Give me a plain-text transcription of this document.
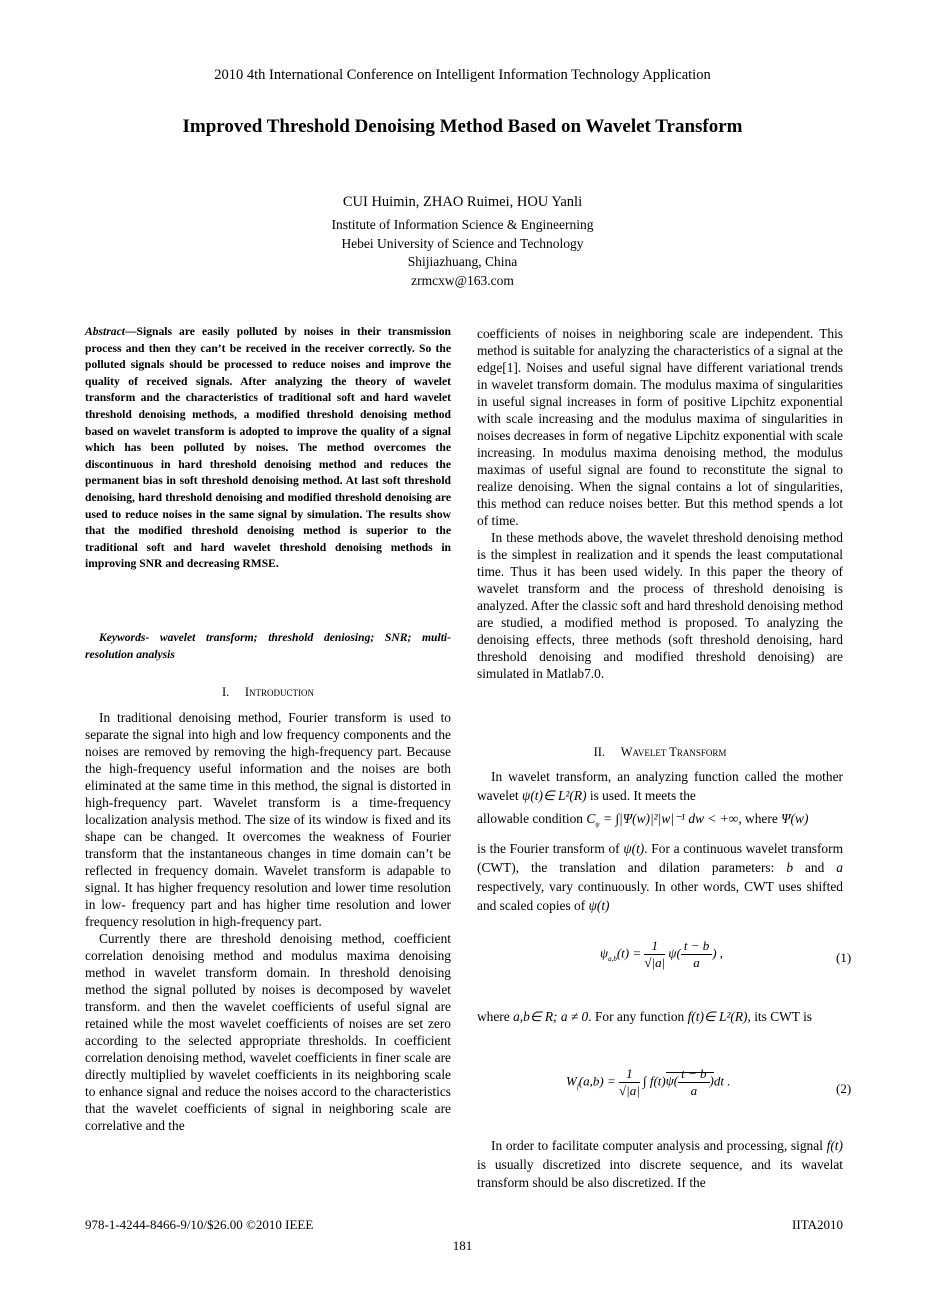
2010 4th International Conference on Intelligent Information Technology Application
Improved Threshold Denoising Method Based on Wavelet Transform
CUI Huimin, ZHAO Ruimei, HOU Yanli
Institute of Information Science & Engineerning
Hebei University of Science and Technology
Shijiazhuang, China
zrmcxw@163.com
Abstract—Signals are easily polluted by noises in their transmission process and then they can’t be received in the receiver correctly. So the polluted signals should be processed to reduce noises and improve the quality of received signals. After analyzing the theory of wavelet transform and the characteristics of traditional soft and hard wavelet threshold denoising methods, a modified threshold denoising method based on wavelet transform is adopted to improve the quality of a signal which has been polluted by noises. The method overcomes the discontinuous in hard threshold denoising method and reduces the permanent bias in soft threshold denoising method. At last soft threshold denoising, hard threshold denoising and modified threshold denoising are used to reduce noises in the same signal by simulation. The results show that the modified threshold denoising method is superior to the traditional soft and hard wavelet threshold denoising methods in improving SNR and decreasing RMSE.

Keywords- wavelet transform; threshold deniosing; SNR; multi-resolution analysis

I. Introduction

In traditional denoising method, Fourier transform is used to separate the signal into high and low frequency components and the noises are removed by removing the high-frequency part. Because the high-frequency useful information and the noises are both eliminated at the same time in this method, the signal is distorted in high-frequency part. Wavelet transform is a time-frequency localization analysis method. The size of its window is fixed and its shape can be changed. It overcomes the weakness of Fourier transform that the instantaneous changes in time domain can’t be reflected in frequency domain. Wavelet transform is adapable to signal. It has higher frequency resolution and lower time resolution in low- frequency part and has higher time resolution and lower frequency resolution in high-frequency part.

Currently there are threshold denoising method, coefficient correlation denoising method and modulus maxima denoising method in wavelet transform domain. In threshold denoising method the signal polluted by noises is decomposed by wavelet transform. and then the wavelet coefficients of useful signal are retained while the most wavelet coefficients of noises are set zero according to the selected appropriate thresholds. In coefficient correlation denoising method, wavelet coefficients in finer scale are directly multiplied by wavelet coefficients in its neighboring scale to enhance signal and reduce the noises accord to the characteristics that the wavelet coefficients of signal in neighboring scale are correlative and the

coefficients of noises in neighboring scale are independent. This method is suitable for analyzing the characteristics of a signal at the edge[1]. Noises and useful signal have different variational trends in wavelet transform domain. The modulus maxima of singularities in useful signal increases in form of positive Lipchitz exponential with scale increasing and the modulus maxima of singularities in noises decreases in form of negative Lipchitz exponential with scale increasing. In modulus maxima denoising method, the modulus maximas of useful signal are found to reconstitute the signal to realize denoising. When the signal contains a lot of singularities, this method can reduce noises better. But this method spends a lot of time.

In these methods above, the wavelet threshold denoising method is the simplest in realization and it spends the least computational time. Thus it has been used widely. In this paper the theory of wavelet transform and the process of threshold denoising is analyzed. After the classic soft and hard threshold denoising method are studied, a modified method is proposed. To analyzing the denoising effects, three methods (soft threshold denoising, hard threshold denoising and modified threshold denoising) are simulated in Matlab7.0.

II. Wavelet Transform

In wavelet transform, an analyzing function called the mother wavelet ψ(t)∈ L²(R) is used. It meets the

allowable condition $C_\psi = \int|\Psi(w)|^2|w|^{-1}$ dw < +∞, where Ψ(w)

is the Fourier transform of ψ(t). For a continuous wavelet transform (CWT), the translation and dilation parameters: b and a respectively, vary continuously. In other words, CWT uses shifted and scaled copies of ψ(t)

$\psi_{a,b}(t) = \frac{1}{√|a|} \psi( \frac{t - b}{a}$ ) ,	(1)

where a,b∈ R; a ≠ 0. For any function f(t)∈ L²(R), its CWT is

$W_f(a,b) = \frac{1}{√|a|}$ ∫ $f(t)\psi( \frac{t - b}{a} )dt$ .
(2)

In order to facilitate computer analysis and processing, signal f(t) is usually discretized into discrete sequence, and its wavelat transform should be also discretized. If the

978-1-4244-8466-9/10/$26.00 ©2010 IEEE	IITA2010
181
